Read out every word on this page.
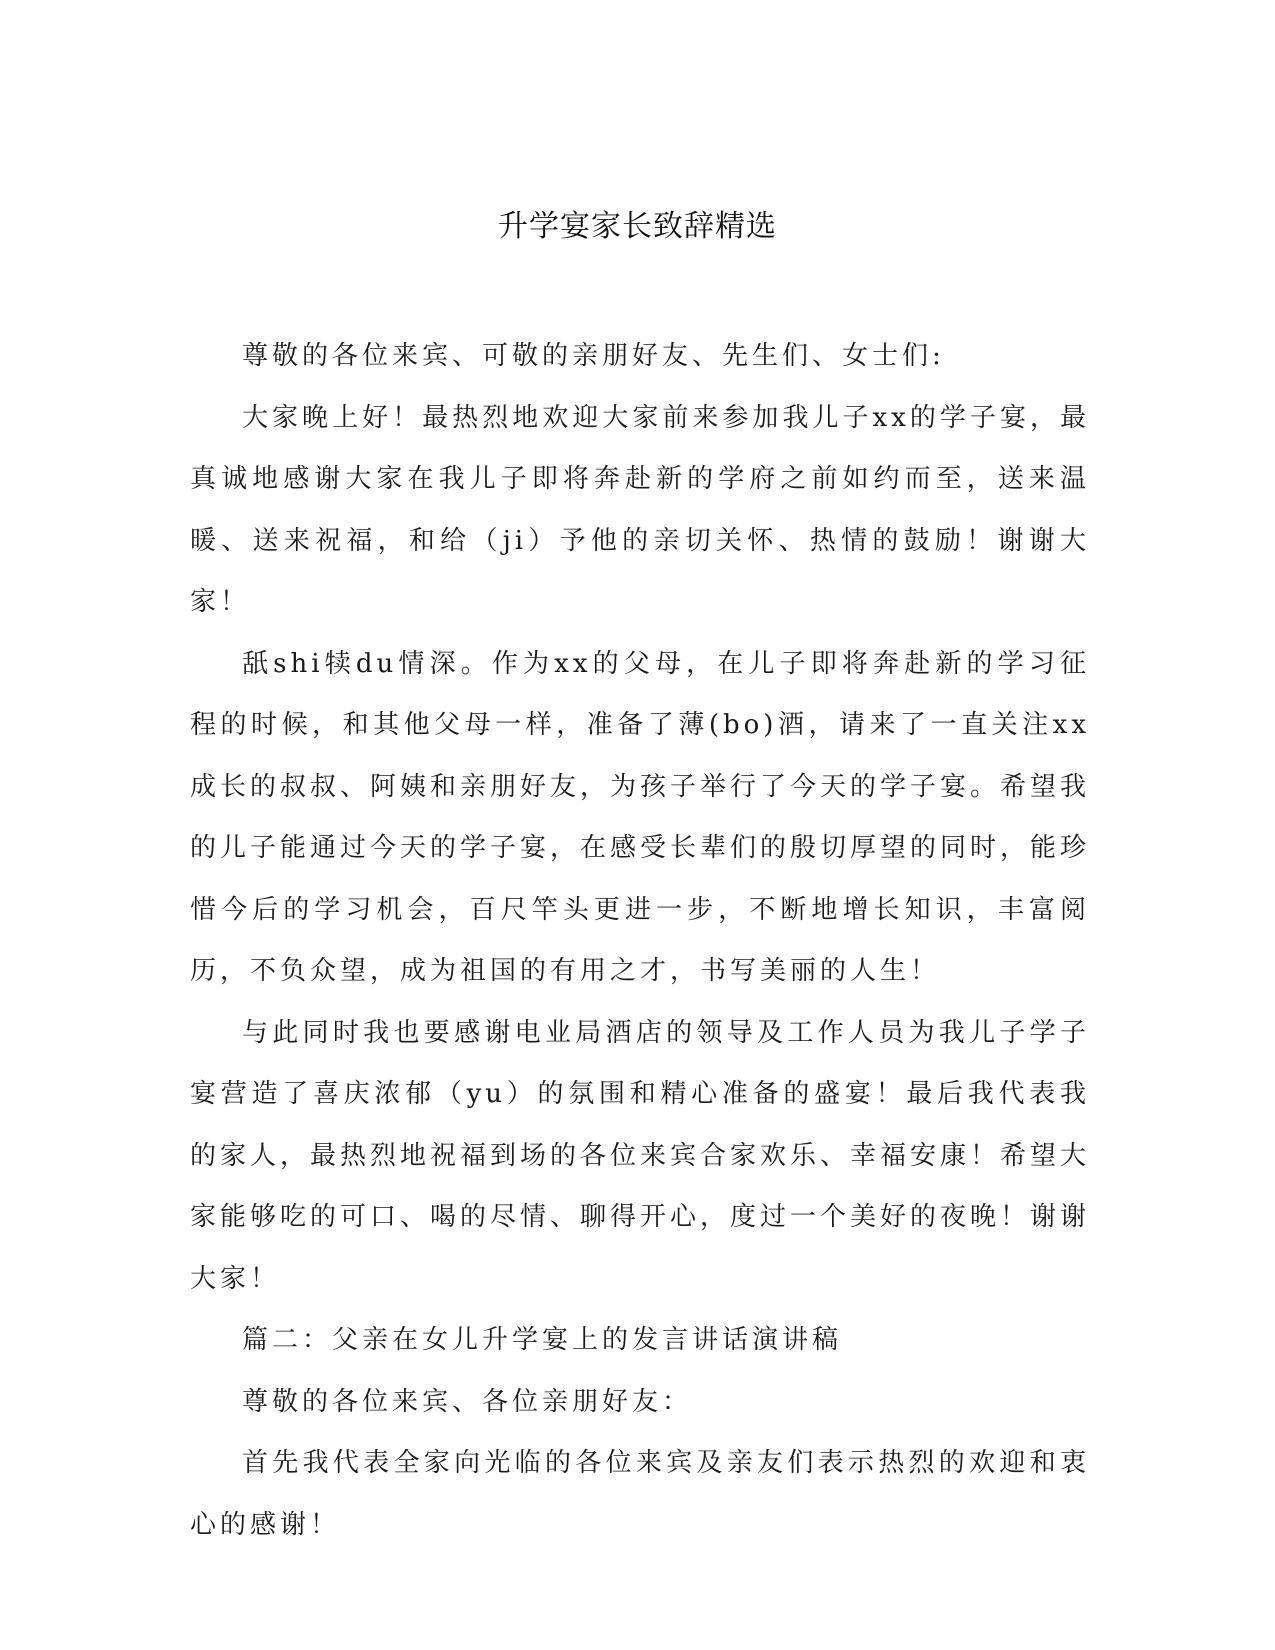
升学宴家长致辞精选

尊敬的各位来宾、可敬的亲朋好友、先生们、女士们:

大家晚上好！最热烈地欢迎大家前来参加我儿子xx的学子宴，最真诚地感谢大家在我儿子即将奔赴新的学府之前如约而至，送来温暖、送来祝福，和给（ji）予他的亲切关怀、热情的鼓励！谢谢大家！

舐shi犊du情深。作为xx的父母，在儿子即将奔赴新的学习征程的时候，和其他父母一样，准备了薄(bo)酒，请来了一直关注xx成长的叔叔、阿姨和亲朋好友，为孩子举行了今天的学子宴。希望我的儿子能通过今天的学子宴，在感受长辈们的殷切厚望的同时，能珍惜今后的学习机会，百尺竿头更进一步，不断地增长知识，丰富阅历，不负众望，成为祖国的有用之才，书写美丽的人生！

与此同时我也要感谢电业局酒店的领导及工作人员为我儿子学子宴营造了喜庆浓郁（yu）的氛围和精心准备的盛宴！最后我代表我的家人，最热烈地祝福到场的各位来宾合家欢乐、幸福安康！希望大家能够吃的可口、喝的尽情、聊得开心，度过一个美好的夜晚！谢谢大家！

篇二：父亲在女儿升学宴上的发言讲话演讲稿

尊敬的各位来宾、各位亲朋好友：

首先我代表全家向光临的各位来宾及亲友们表示热烈的欢迎和衷心的感谢！
